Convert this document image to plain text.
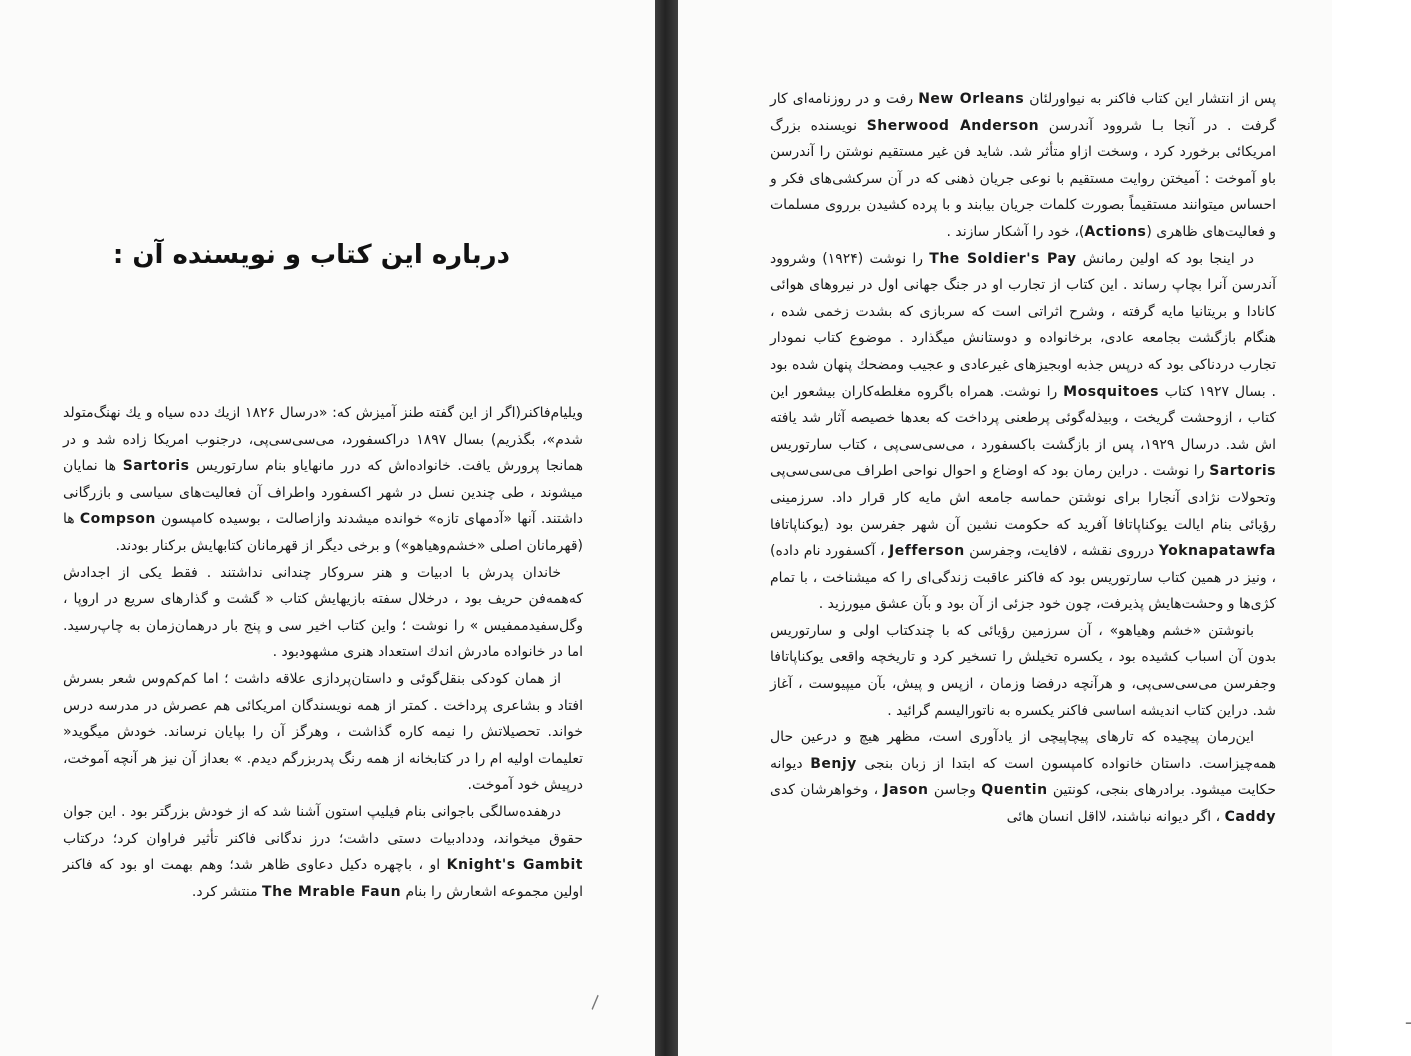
درباره این کتاب و نویسنده آن :

ویلیام‌فاکنر(اگر از این گفته طنز آمیزش که: «درسال ۱۸۲۶ ازیك دده سیاه و یك نهنگ‌متولد شدم»، بگذریم) بسال ۱۸۹۷ دراکسفورد، می‌سی‌سی‌پی، درجنوب امریکا زاده شد و در همانجا پرورش یافت. خانواده‌اش که درر مانهایاو بنام سارتوریس Sartoris ها نمایان میشوند ، طی چندین نسل در شهر اکسفورد واطراف آن فعالیت‌های سیاسی و بازرگانی داشتند. آنها «آدمهای تازه» خوانده میشدند وازاصالت ، بوسیده کامپسون Compson ها (قهرمانان اصلی «خشم‌وهیاهو») و برخی دیگر از قهرمانان کتابهایش برکنار بودند.

خاندان پدرش با ادبیات و هنر سروکار چندانی نداشتند . فقط یکی از اجدادش که‌همه‌فن حریف بود ، درخلال سفته بازیهایش کتاب « گشت و گذارهای سریع در اروپا ، وگل‌سفیدممفیس » را نوشت ؛ واین کتاب اخیر سی و پنج بار درهمان‌زمان به چاپ‌رسید. اما در خانواده مادرش اندك استعداد هنری مشهودبود .

از همان کودکی بنقل‌گوئی و داستان‌پردازی علاقه داشت ؛ اما کم‌کم‌وس شعر بسرش افتاد و بشاعری پرداخت . کمتر از همه نویسندگان امریکائی هم عصرش در مدرسه درس خواند. تحصیلاتش را نیمه کاره گذاشت ، وهرگز آن را بپایان نرساند. خودش میگوید« تعلیمات اولیه ام را در کتابخانه از همه رنگ پدربزرگم دیدم. » بعداز آن نیز هر آنچه آموخت، درپیش خود آموخت.

درهفده‌سالگی باجوانی بنام فیلیپ استون آشنا شد که از خودش بزرگتر بود . این جوان حقوق میخواند، وددادبیات دستی داشت؛ درز ندگانی فاکنر تأثیر فراوان کرد؛ درکتاب Knight's Gambit او ، باچهره دکیل دعاوی ظاهر شد؛ وهم بهمت او بود که فاکنر اولین مجموعه اشعارش را بنام The Mrable Faun منتشر کرد.

\
ـ

پس از انتشار این کتاب فاکنر به نیواورلئان New Orleans رفت و در روزنامه‌ای کار گرفت . در آنجا بـا شروود آندرسن Sherwood Anderson نویسنده بزرگ امریکائی برخورد کرد ، وسخت ازاو متأثر شد. شاید فن غیر مستقیم نوشتن را آندرسن باو آموخت : آمیختن روایت مستقیم با نوعی جریان ذهنی که در آن سرکشی‌های فکر و احساس میتوانند مستقیماً بصورت کلمات جریان بیابند و با پرده کشیدن برروی مسلمات و فعالیت‌های ظاهری (Actions)، خود را آشکار سازند .

در اینجا بود که اولین رمانش The Soldier's Pay را نوشت (۱۹۲۴) وشروود آندرسن آنرا بچاپ رساند . این کتاب از تجارب او در جنگ جهانی اول در نیروهای هوائی کانادا و بریتانیا مایه گرفته ، وشرح اثراتی است که سربازی که بشدت زخمی شده ، هنگام بازگشت بجامعه عادی، برخانواده و دوستانش میگذارد . موضوع کتاب نمودار تجارب دردناکی بود که درپس جذبه اوبجیزهای غیرعادی و عجیب ومضحك پنهان شده بود . بسال ۱۹۲۷ کتاب Mosquitoes را نوشت. همراه باگروه مغلطه‌کاران بیشعور این کتاب ، ازوحشت گریخت ، وبیذله‌گوئی پرطعنی پرداخت که بعدها خصیصه آثار شد یافته اش شد. درسال ۱۹۲۹، پس از بازگشت باکسفورد ، می‌سی‌سی‌پی ، کتاب سارتوریس Sartoris را نوشت . دراین رمان بود که اوضاع و احوال نواحی اطراف می‌سی‌سی‌پی وتحولات نژادی آنجارا برای نوشتن حماسه جامعه اش مایه کار قرار داد. سرزمینی رؤیائی بنام ایالت یوکناپاتافا آفرید که حکومت نشین آن شهر جفرسن بود (یوکناپاتافا Yoknapatawfa درروی نقشه ، لافایت، وجفرسن Jefferson ، آکسفورد نام داده) ، ونیز در همین کتاب سارتوریس بود که فاکنر عاقبت زندگی‌ای را که میشناخت ، با تمام کژی‌ها و وحشت‌هایش پذیرفت، چون خود جزئی از آن بود و بآن عشق میورزید .

بانوشتن «خشم وهیاهو» ، آن سرزمین رؤیائی که با چندکتاب اولی و سارتوریس بدون آن اسباب کشیده بود ، یکسره تخیلش را تسخیر کرد و تاریخچه واقعی یوکناپاتافا وجفرسن می‌سی‌سی‌پی، و هرآنچه درفضا وزمان ، ازپس و پیش، بآن میپیوست ، آغاز شد. دراین کتاب اندیشه اساسی فاکنر یکسره به ناتورالیسم گرائید .

این‌رمان پیچیده که تارهای پیچاپیچی از یادآوری است، مظهر هیچ و درعین حال همه‌چیزاست. داستان خانواده کامپسون است که ابتدا از زبان بنجی Benjy دیوانه حکایت میشود. برادرهای بنجی، کونتین Quentin وجاسن Jason ، وخواهرشان کدی Caddy ، اگر دیوانه نباشند، لااقل انسان هائی
